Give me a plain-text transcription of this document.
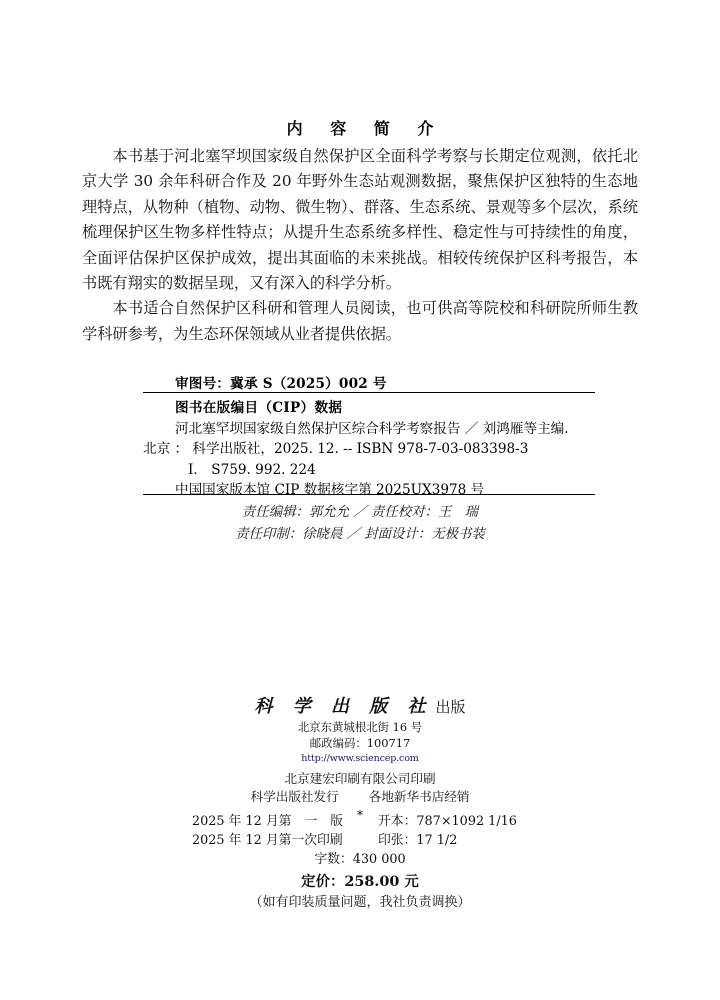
内 容 简 介

本书基于河北塞罕坝国家级自然保护区全面科学考察与长期定位观测，依托北京大学 30 余年科研合作及 20 年野外生态站观测数据，聚焦保护区独特的生态地理特点，从物种（植物、动物、微生物）、群落、生态系统、景观等多个层次，系统梳理保护区生物多样性特点；从提升生态系统多样性、稳定性与可持续性的角度，全面评估保护区保护成效，提出其面临的未来挑战。相较传统保护区科考报告，本书既有翔实的数据呈现，又有深入的科学分析。

本书适合自然保护区科研和管理人员阅读，也可供高等院校和科研院所师生教学科研参考，为生态环保领域从业者提供依据。

审图号：冀承 S（2025）002 号
图书在版编目（CIP）数据
河北塞罕坝国家级自然保护区综合科学考察报告 ／ 刘鸿雁等主编.
北京 ： 科学出版社，2025. 12. -- ISBN 978-7-03-083398-3
Ⅰ． S759. 992. 224
中国国家版本馆 CIP 数据核字第 2025UX3978 号
责任编辑：郭允允 ／ 责任校对：王　瑞
责任印制：徐晓晨 ／ 封面设计：无极书装
科 学 出 版 社 出版
北京东黄城根北街 16 号
邮政编码：100717
http://www.sciencep.com
北京建宏印刷有限公司印刷
科学出版社发行 各地新华书店经销
*
2025 年 12 月第 一 版	开本：787×1092 1/16
2025 年 12 月第一次印刷	印张：17 1/2
字数：430 000
定价：258.00 元
（如有印装质量问题，我社负责调换）
